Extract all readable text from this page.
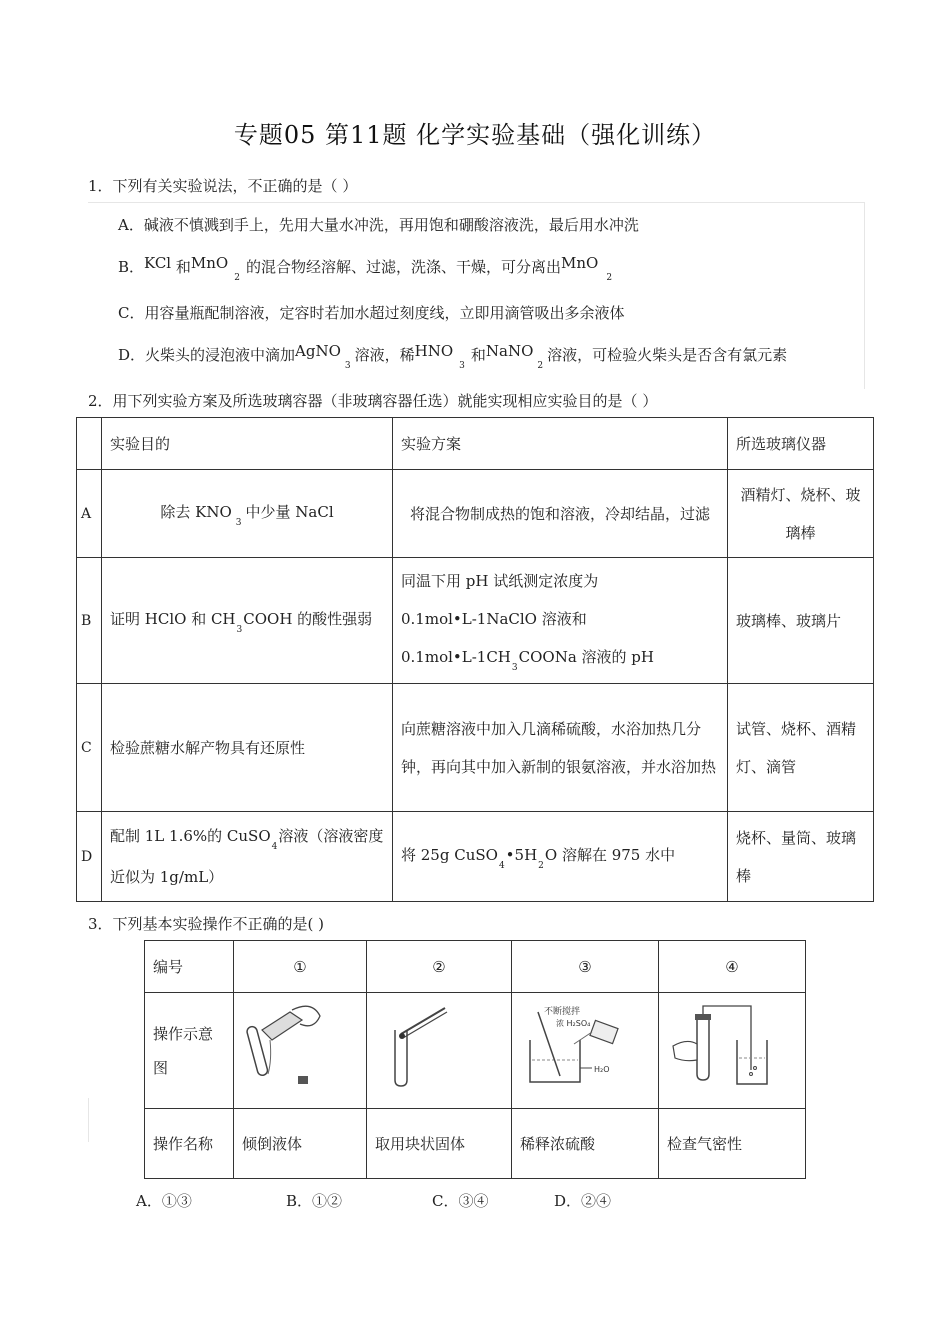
专题05 第11题 化学实验基础（强化训练）
1．下列有关实验说法，不正确的是（ ）
A．碱液不慎溅到手上，先用大量水冲洗，再用饱和硼酸溶液洗，最后用水冲洗
B．KCl 和MnO$_2$的混合物经溶解、过滤，洗涤、干燥，可分离出MnO$_2$
C．用容量瓶配制溶液，定容时若加水超过刻度线，立即用滴管吸出多余液体
D．火柴头的浸泡液中滴加AgNO$_3$溶液，稀$HNO_3$和NaNO$_2$溶液，可检验火柴头是否含有氯元素
2．用下列实验方案及所选玻璃容器（非玻璃容器任选）就能实现相应实验目的是（ ）
	实验目的	实验方案	所选玻璃仪器
A	除去 $KNO_3$中少量 NaCl	将混合物制成热的饱和溶液，冷却结晶，过滤	酒精灯、烧杯、玻璃棒
B	证明 HClO 和 $CH_3COOH$ 的酸性强弱	同温下用 pH 试纸测定浓度为
0.1mol•L-1NaClO 溶液和
$0.1mol•L-1CH_3COONa$ 溶液的 pH	玻璃棒、玻璃片
C	检验蔗糖水解产物具有还原性	向蔗糖溶液中加入几滴稀硫酸，水浴加热几分钟，再向其中加入新制的银氨溶液，并水浴加热	试管、烧杯、酒精灯、滴管
D	配制 1L 1.6%的 CuSO$_4$溶液（溶液密度近似为 1g/mL）	将 25g $CuSO_4•5H_2O$ 溶解在 975 水中	烧杯、量筒、玻璃棒
3．下列基本实验操作不正确的是( )
编号	①	②	③	④
操作示意图			不断搅拌
浓 H₂SO₄
H₂O

操作名称	倾倒液体	取用块状固体	稀释浓硫酸	检查气密性
A．①③	B．①②	C．③④	D．②④
